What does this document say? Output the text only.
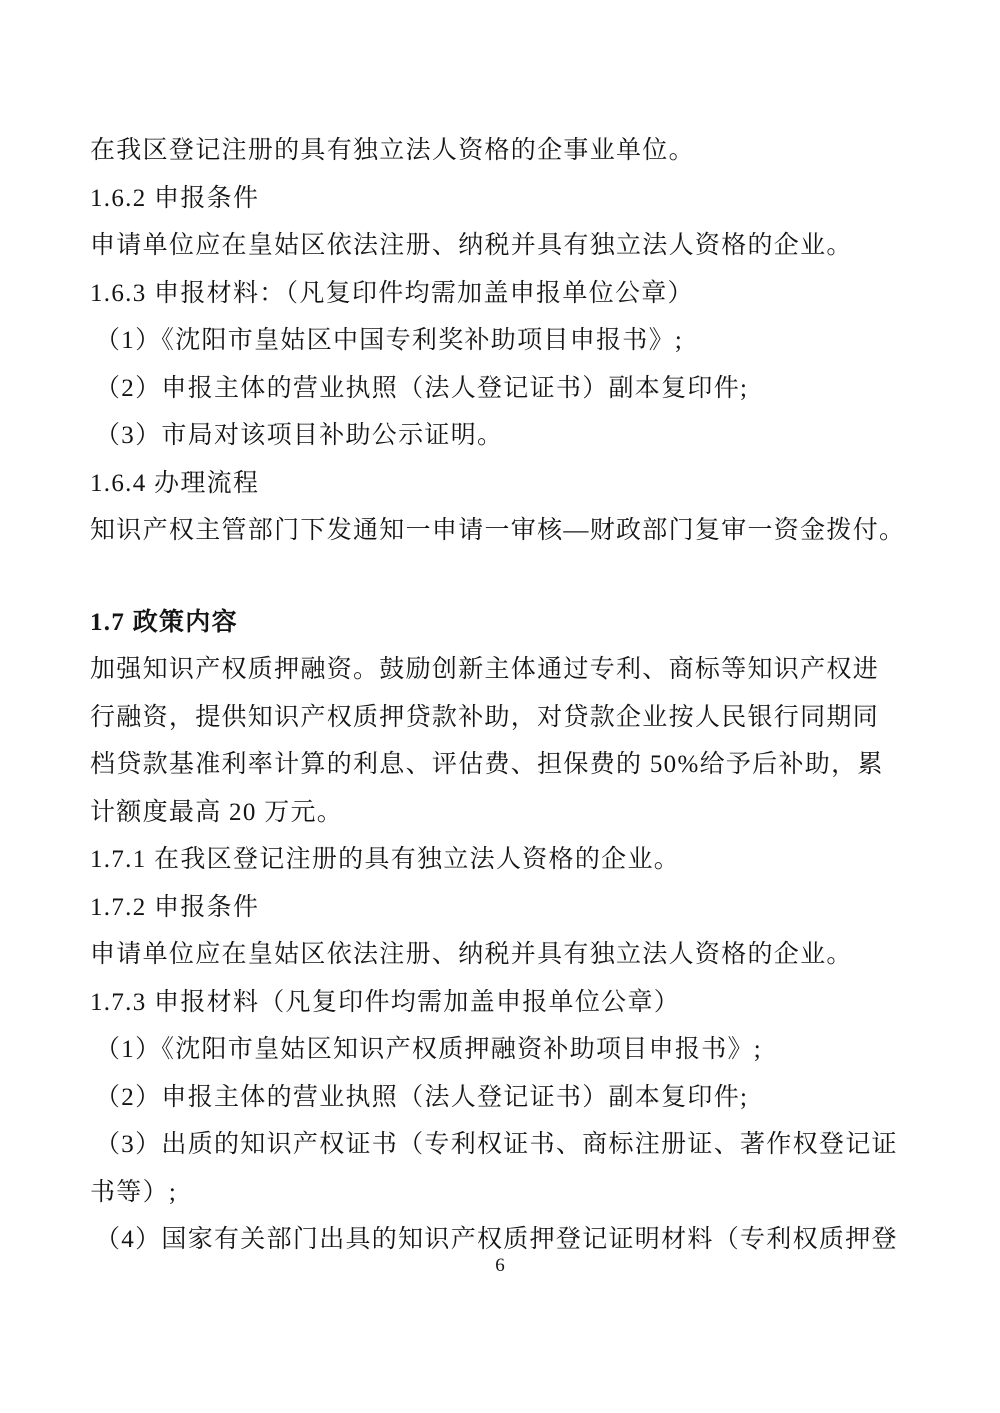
在我区登记注册的具有独立法人资格的企事业单位。
1.6.2 申报条件
申请单位应在皇姑区依法注册、纳税并具有独立法人资格的企业。
1.6.3 申报材料：（凡复印件均需加盖申报单位公章）
（1）《沈阳市皇姑区中国专利奖补助项目申报书》;
（2）申报主体的营业执照（法人登记证书）副本复印件;
（3）市局对该项目补助公示证明。
1.6.4 办理流程
知识产权主管部门下发通知一申请一审核—财政部门复审一资金拨付。
1.7 政策内容
加强知识产权质押融资。鼓励创新主体通过专利、商标等知识产权进
行融资，提供知识产权质押贷款补助，对贷款企业按人民银行同期同
档贷款基准利率计算的利息、评估费、担保费的 50%给予后补助，累
计额度最高 20 万元。
1.7.1 在我区登记注册的具有独立法人资格的企业。
1.7.2 申报条件
申请单位应在皇姑区依法注册、纳税并具有独立法人资格的企业。
1.7.3 申报材料（凡复印件均需加盖申报单位公章）
（1）《沈阳市皇姑区知识产权质押融资补助项目申报书》;
（2）申报主体的营业执照（法人登记证书）副本复印件;
（3）出质的知识产权证书（专利权证书、商标注册证、著作权登记证
书等）;
（4）国家有关部门出具的知识产权质押登记证明材料（专利权质押登
6
